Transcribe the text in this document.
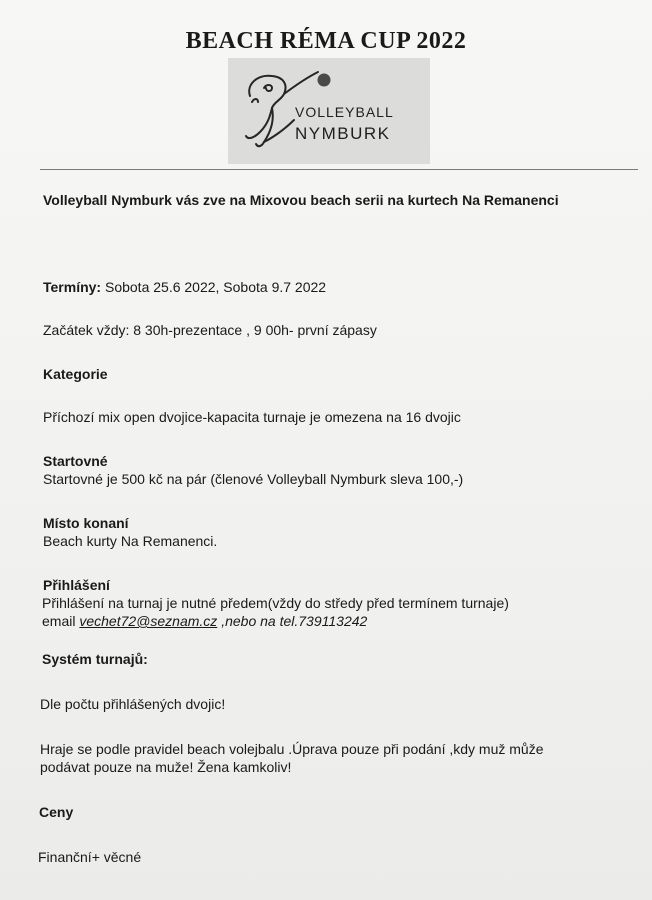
BEACH RÉMA CUP 2022
VOLLEYBALL
NYMBURK
Volleyball Nymburk vás zve na Mixovou beach serii na kurtech Na Remanenci
Termíny: Sobota 25.6 2022, Sobota 9.7 2022
Začátek vždy: 8 30h-prezentace , 9 00h- první zápasy
Kategorie
Příchozí mix open dvojice-kapacita turnaje je omezena na 16 dvojic
Startovné
Startovné je 500 kč na pár (členové Volleyball Nymburk sleva 100,-)
Místo konaní
Beach kurty Na Remanenci.
Přihlášení
Přihlášení na turnaj je nutné předem(vždy do středy před termínem turnaje)
email vechet72@seznam.cz ,nebo na tel.739113242
Systém turnajů:
Dle počtu přihlášených dvojic!
Hraje se podle pravidel beach volejbalu .Úprava pouze při podání ,kdy muž může
podávat pouze na muže! Žena kamkoliv!
Ceny
Finanční+ věcné
